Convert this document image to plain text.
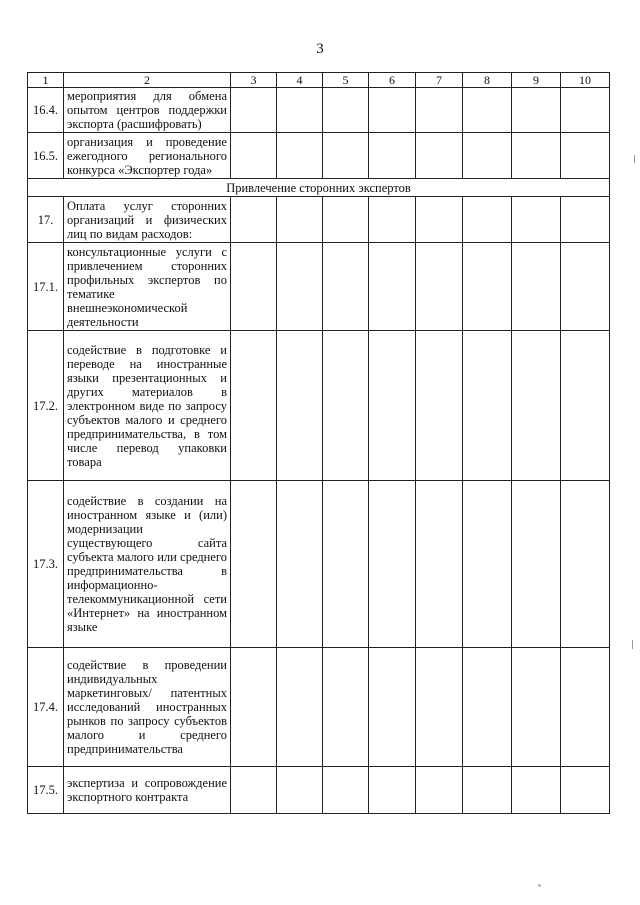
3
1	2	3	4	5	6	7	8	9	10
16.4.	мероприятия для обмена опытом центров поддержки экспорта (расшифровать)								
16.5.	организация и проведение ежегодного регионального конкурса «Экспортер года»								
Привлечение сторонних экспертов									
17.	Оплата услуг сторонних организаций и физических лиц по видам расходов:								
17.1.	консультационные услуги с привлечением сторонних профильных экспертов по тематике внешнеэкономической деятельности								
17.2.	содействие в подготовке и переводе на иностранные языки презентационных и других материалов в электронном виде по запросу субъектов малого и среднего предпринимательства, в том числе перевод упаковки товара								
17.3.	содействие в создании на иностранном языке и (или) модернизации существующего сайта субъекта малого или среднего предпринимательства в информационно-телекоммуникационной сети «Интернет» на иностранном языке								
17.4.	содействие в проведении индивидуальных маркетинговых/ патентных исследований иностранных рынков по запросу субъектов малого и среднего предпринимательства								
17.5.	экспертиза и сопровождение экспортного контракта								
